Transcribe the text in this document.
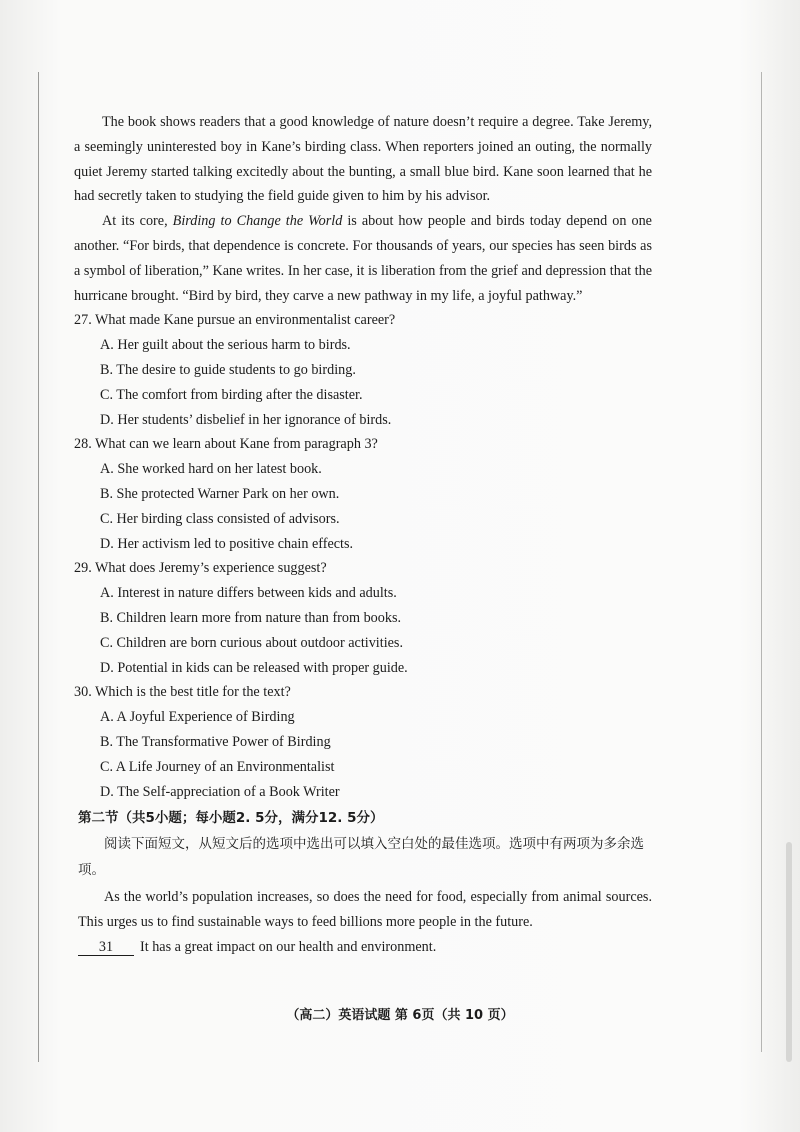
The book shows readers that a good knowledge of nature doesn’t require a degree. Take Jeremy, a seemingly uninterested boy in Kane’s birding class. When reporters joined an outing, the normally quiet Jeremy started talking excitedly about the bunting, a small blue bird. Kane soon learned that he had secretly taken to studying the field guide given to him by his advisor.

At its core, Birding to Change the World is about how people and birds today depend on one another. “For birds, that dependence is concrete. For thousands of years, our species has seen birds as a symbol of liberation,” Kane writes. In her case, it is liberation from the grief and depression that the hurricane brought. “Bird by bird, they carve a new pathway in my life, a joyful pathway.”

27. What made Kane pursue an environmentalist career?

A. Her guilt about the serious harm to birds.

B. The desire to guide students to go birding.

C. The comfort from birding after the disaster.

D. Her students’ disbelief in her ignorance of birds.

28. What can we learn about Kane from paragraph 3?

A. She worked hard on her latest book.

B. She protected Warner Park on her own.

C. Her birding class consisted of advisors.

D. Her activism led to positive chain effects.

29. What does Jeremy’s experience suggest?

A. Interest in nature differs between kids and adults.

B. Children learn more from nature than from books.

C. Children are born curious about outdoor activities.

D. Potential in kids can be released with proper guide.

30. Which is the best title for the text?

A. A Joyful Experience of Birding

B. The Transformative Power of Birding

C. A Life Journey of an Environmentalist

D. The Self-appreciation of a Book Writer

第二节（共5小题；每小题2. 5分，满分12. 5分）

阅读下面短文，从短文后的选项中选出可以填入空白处的最佳选项。选项中有两项为多余选项。

As the world’s population increases, so does the need for food, especially from animal sources. This urges us to find sustainable ways to feed billions more people in the future.

31 It has a great impact on our health and environment.

（高二）英语试题 第 6页（共 10 页）
